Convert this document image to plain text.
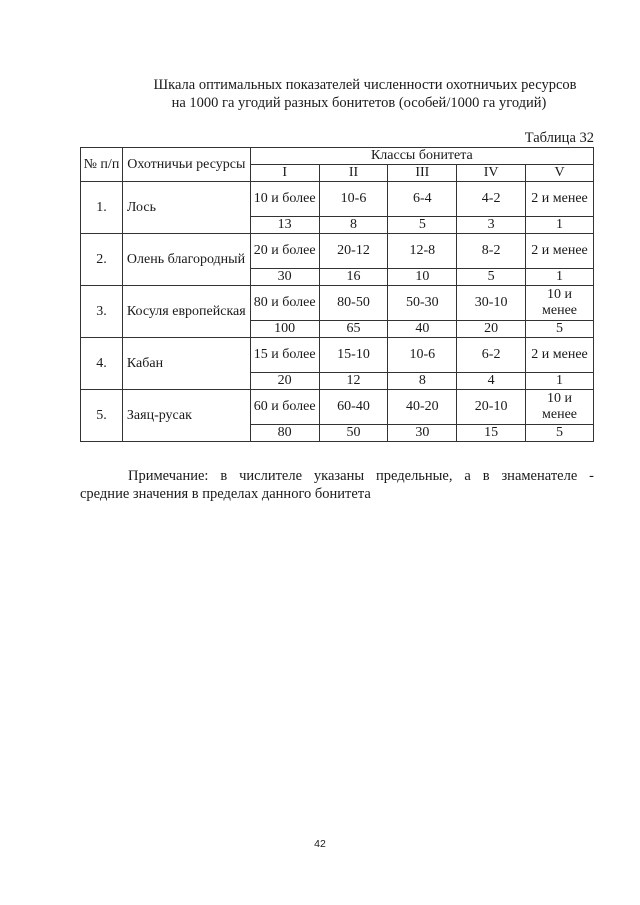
Шкала оптимальных показателей численности охотничьих ресурсов
на 1000 га угодий разных бонитетов (особей/1000 га угодий)
Таблица 32
№ п/п	Охотничьи ресурсы	Классы бонитета				
		I	II	III	IV	V
1.	Лось	10 и более	10-6	6-4	4-2	2 и менее
		13	8	5	3	1
2.	Олень благородный	20 и более	20-12	12-8	8-2	2 и менее
		30	16	10	5	1
3.	Косуля европейская	80 и более	80-50	50-30	30-10	10 и менее
		100	65	40	20	5
4.	Кабан	15 и более	15-10	10-6	6-2	2 и менее
		20	12	8	4	1
5.	Заяц-русак	60 и более	60-40	40-20	20-10	10 и менее
		80	50	30	15	5
Примечание: в числителе указаны предельные, а в знаменателе -
средние значения в пределах данного бонитета
42
